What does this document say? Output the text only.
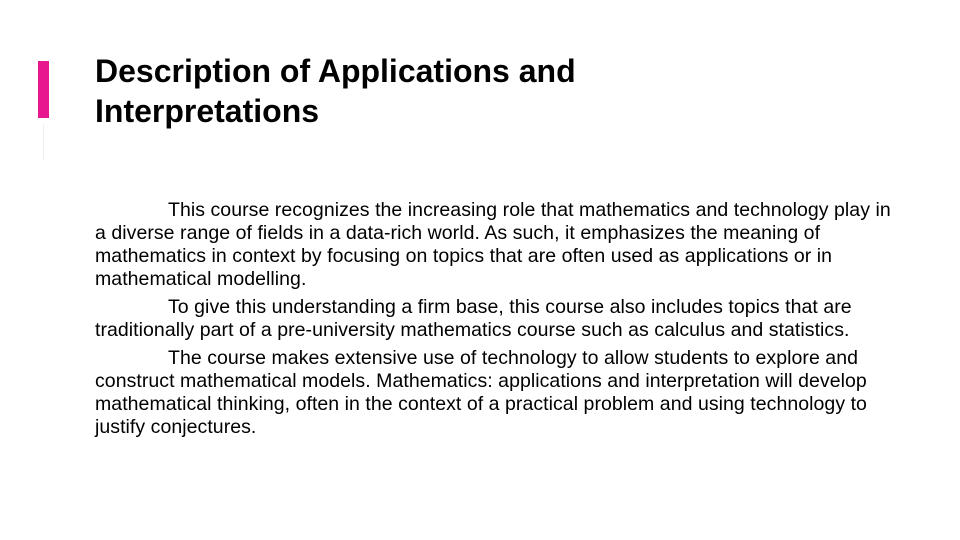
Description of Applications and
Interpretations

This course recognizes the increasing role that mathematics and technology play in a diverse range of fields in a data-rich world. As such, it emphasizes the meaning of mathematics in context by focusing on topics that are often used as applications or in mathematical modelling.

To give this understanding a firm base, this course also includes topics that are traditionally part of a pre-university mathematics course such as calculus and statistics.

The course makes extensive use of technology to allow students to explore and construct mathematical models. Mathematics: applications and interpretation will develop mathematical thinking, often in the context of a practical problem and using technology to justify conjectures.
